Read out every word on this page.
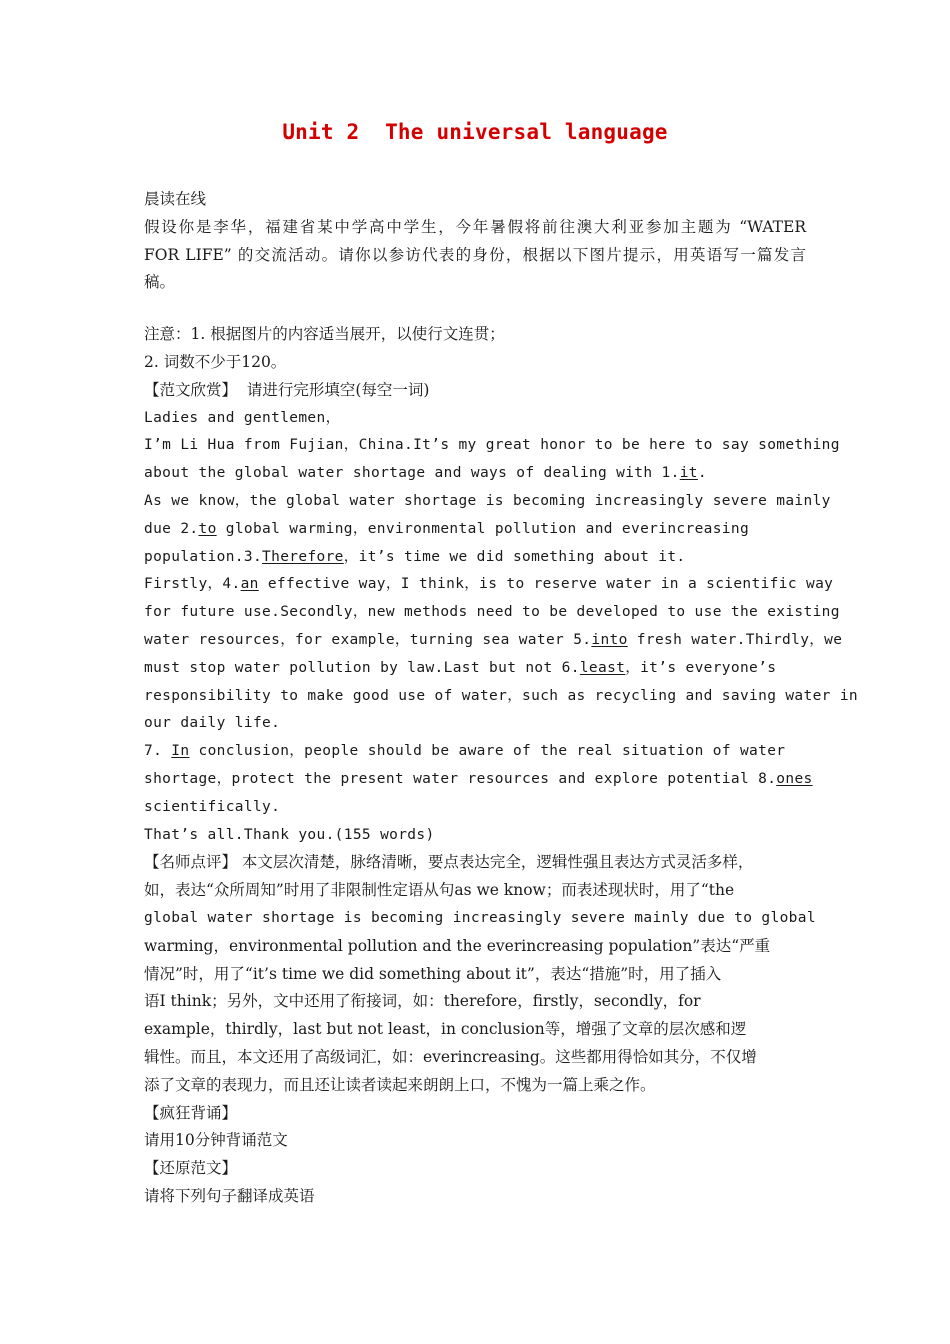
Unit 2  The universal language
晨读在线
假设你是李华，福建省某中学高中学生，今年暑假将前往澳大利亚参加主题为 “WATER
FOR LIFE” 的交流活动。请你以参访代表的身份，根据以下图片提示，用英语写一篇发言
稿。
注意：1. 根据图片的内容适当展开，以使行文连贯；
2. 词数不少于120。
【范文欣赏】  请进行完形填空(每空一词)
Ladies and gentlemen，
I’m Li Hua from Fujian，China.It’s my great honor to be here to say something
about the global water shortage and ways of dealing with 1.it.
As we know，the global water shortage is becoming increasingly severe mainly
due 2.to global warming，environmental pollution and everincreasing
population.3.Therefore，it’s time we did something about it.
Firstly，4.an effective way，I think，is to reserve water in a scientific way
for future use.Secondly，new methods need to be developed to use the existing
water resources，for example，turning sea water 5.into fresh water.Thirdly，we
must stop water pollution by law.Last but not 6.least，it’s everyone’s
responsibility to make good use of water，such as recycling and saving water in
our daily life.
7. In conclusion，people should be aware of the real situation of water
shortage，protect the present water resources and explore potential 8.ones
scientifically.
That’s all.Thank you.(155 words)
【名师点评】 本文层次清楚，脉络清晰，要点表达完全，逻辑性强且表达方式灵活多样，
如，表达“众所周知”时用了非限制性定语从句as we know；而表述现状时，用了“the
global water shortage is becoming increasingly severe mainly due to global
warming，environmental pollution and the everincreasing population”表达“严重
情况”时，用了“it’s time we did something about it”，表达“措施”时，用了插入
语I think；另外，文中还用了衔接词，如：therefore，firstly，secondly，for
example，thirdly，last but not least，in conclusion等，增强了文章的层次感和逻
辑性。而且，本文还用了高级词汇，如：everincreasing。这些都用得恰如其分，不仅增
添了文章的表现力，而且还让读者读起来朗朗上口，不愧为一篇上乘之作。
【疯狂背诵】
请用10分钟背诵范文
【还原范文】
请将下列句子翻译成英语
